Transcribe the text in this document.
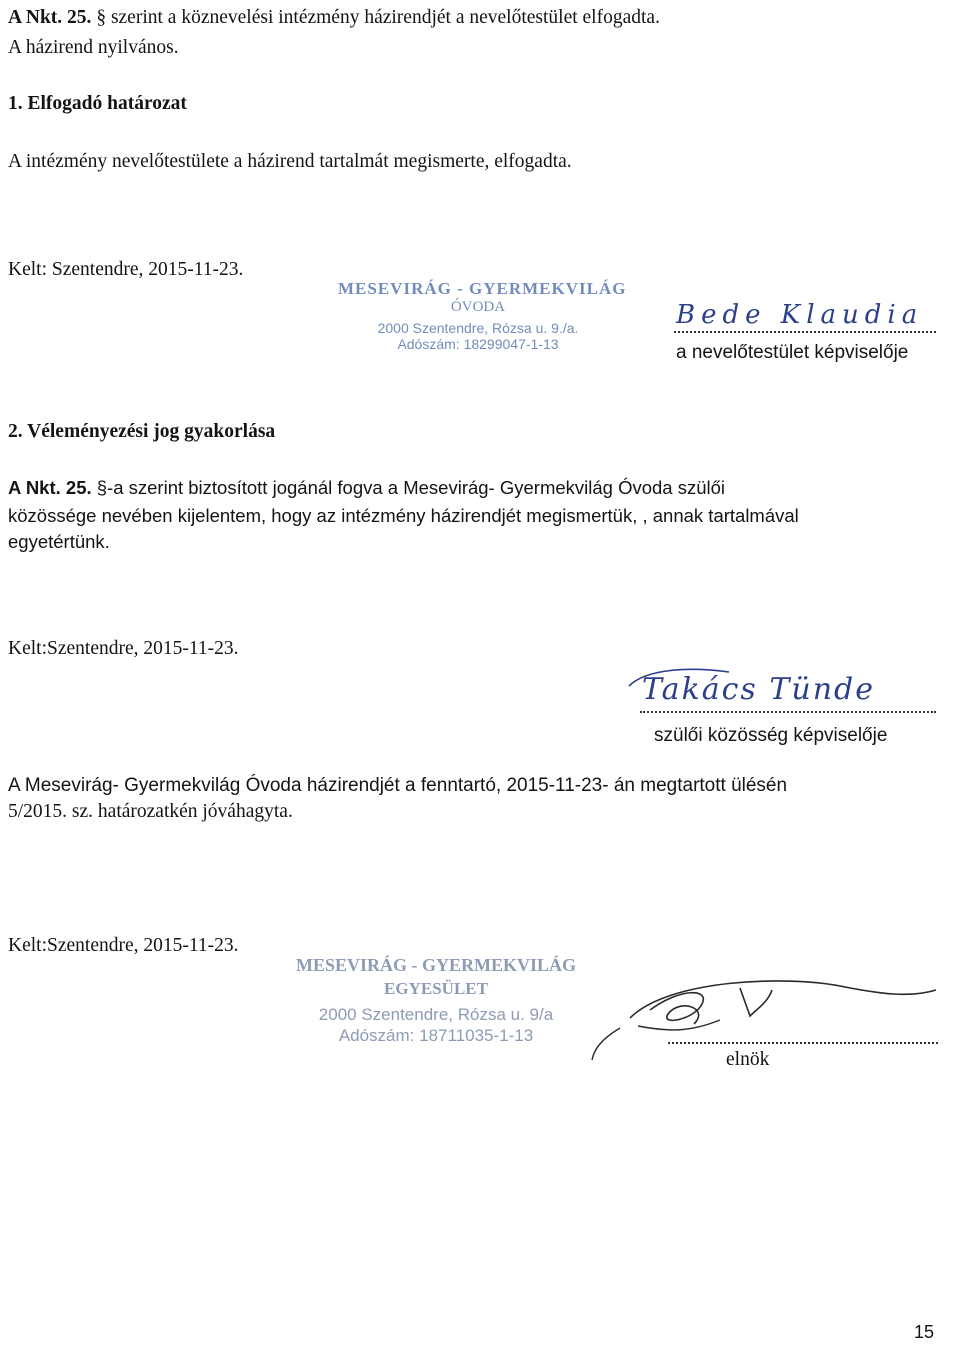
A Nkt. 25. § szerint a köznevelési intézmény házirendjét a nevelőtestület elfogadta.
A házirend nyilvános.
1. Elfogadó határozat
A intézmény nevelőtestülete a házirend tartalmát megismerte, elfogadta.
Kelt: Szentendre, 2015-11-23.
MESEVIRÁG - GYERMEKVILÁG
ÓVODA
2000 Szentendre, Rózsa u. 9./a.
Adószám: 18299047-1-13
Bede Klaudia
a nevelőtestület képviselője
2. Véleményezési jog gyakorlása
A Nkt. 25. §-a szerint biztosított jogánál fogva a Mesevirág- Gyermekvilág Óvoda szülői
közössége nevében kijelentem, hogy az intézmény házirendjét megismertük, , annak tartalmával
egyetértünk.
Kelt:Szentendre, 2015-11-23.
Takács Tünde
szülői közösség képviselője
A Mesevirág- Gyermekvilág Óvoda házirendjét a fenntartó, 2015-11-23- án megtartott ülésén
5/2015. sz. határozatkén jóváhagyta.
Kelt:Szentendre, 2015-11-23.
MESEVIRÁG - GYERMEKVILÁG
EGYESÜLET
2000 Szentendre, Rózsa u. 9/a
Adószám: 18711035-1-13
elnök
15
